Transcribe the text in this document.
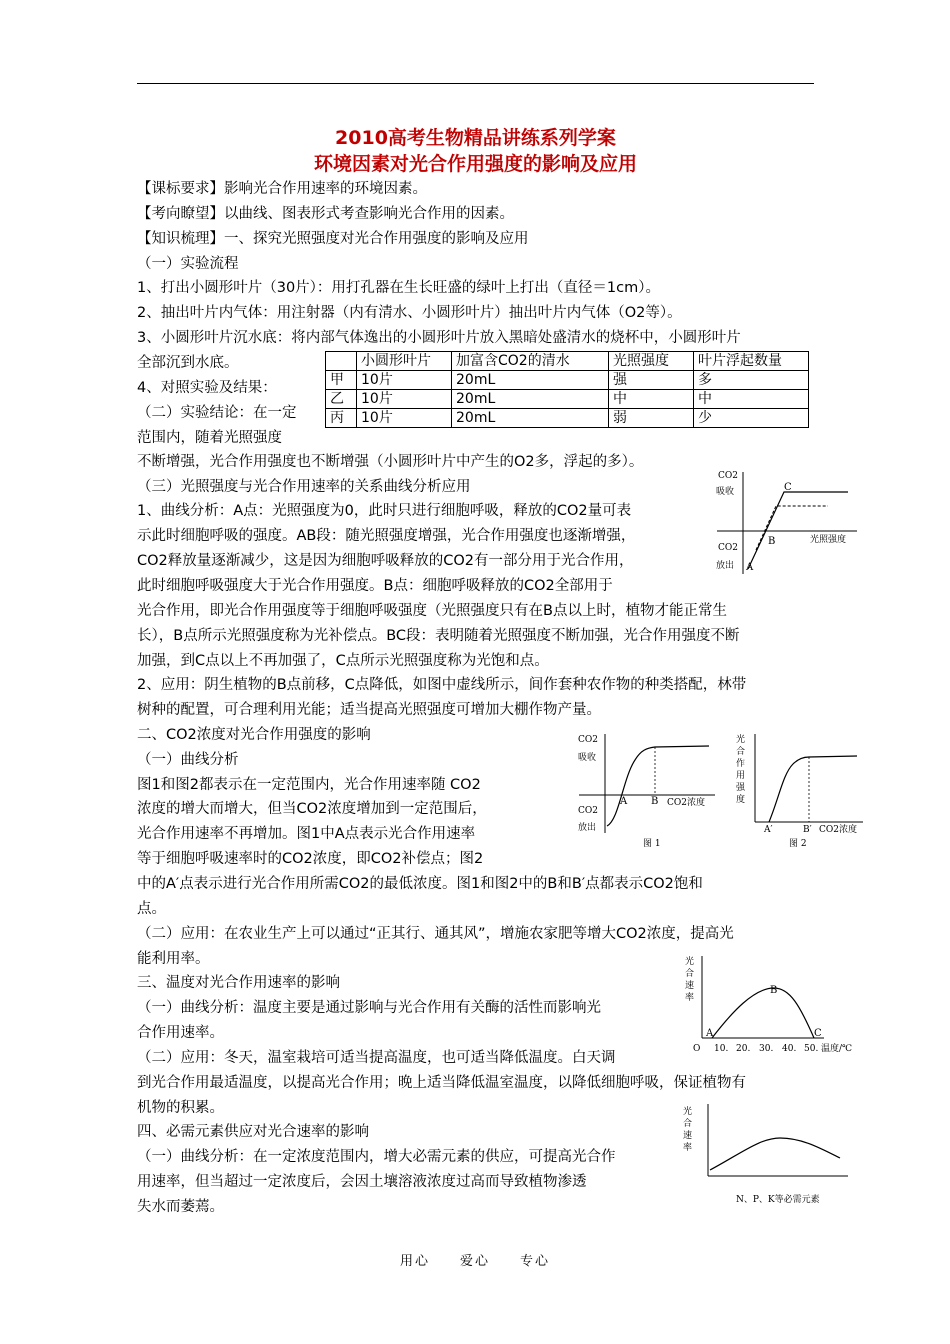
2010高考生物精品讲练系列学案
环境因素对光合作用强度的影响及应用
【课标要求】影响光合作用速率的环境因素。
【考向瞭望】以曲线、图表形式考查影响光合作用的因素。
【知识梳理】一、探究光照强度对光合作用强度的影响及应用
（一）实验流程
1、打出小圆形叶片（30片）：用打孔器在生长旺盛的绿叶上打出（直径＝1cm）。
2、抽出叶片内气体：用注射器（内有清水、小圆形叶片）抽出叶片内气体（O2等）。
3、小圆形叶片沉水底：将内部气体逸出的小圆形叶片放入黑暗处盛清水的烧杯中，小圆形叶片
全部沉到水底。
4、对照实验及结果：
（二）实验结论：在一定
范围内，随着光照强度
	小圆形叶片	加富含CO2的清水	光照强度	叶片浮起数量
甲	10片	20mL	强	多
乙	10片	20mL	中	中
丙	10片	20mL	弱	少
不断增强，光合作用强度也不断增强（小圆形叶片中产生的O2多，浮起的多）。
（三）光照强度与光合作用速率的关系曲线分析应用
1、曲线分析：A点：光照强度为0，此时只进行细胞呼吸，释放的CO2量可表
示此时细胞呼吸的强度。AB段：随光照强度增强，光合作用强度也逐渐增强，
CO2释放量逐渐减少，这是因为细胞呼吸释放的CO2有一部分用于光合作用，
此时细胞呼吸强度大于光合作用强度。B点：细胞呼吸释放的CO2全部用于
光合作用，即光合作用强度等于细胞呼吸强度（光照强度只有在B点以上时，植物才能正常生
长），B点所示光照强度称为光补偿点。BC段：表明随着光照强度不断加强，光合作用强度不断
加强，到C点以上不再加强了，C点所示光照强度称为光饱和点。
2、应用：阴生植物的B点前移，C点降低，如图中虚线所示，间作套种农作物的种类搭配，林带
树种的配置，可合理利用光能；适当提高光照强度可增加大棚作物产量。
二、CO2浓度对光合作用强度的影响
（一）曲线分析
图1和图2都表示在一定范围内，光合作用速率随 CO2
浓度的增大而增大，但当CO2浓度增加到一定范围后，
光合作用速率不再增加。图1中A点表示光合作用速率
等于细胞呼吸速率时的CO2浓度，即CO2补偿点；图2
中的A′点表示进行光合作用所需CO2的最低浓度。图1和图2中的B和B′点都表示CO2饱和
点。
（二）应用：在农业生产上可以通过“正其行、通其风”，增施农家肥等增大CO2浓度，提高光
能利用率。
三、温度对光合作用速率的影响
（一）曲线分析：温度主要是通过影响与光合作用有关酶的活性而影响光
合作用速率。
（二）应用：冬天，温室栽培可适当提高温度，也可适当降低温度。白天调
到光合作用最适温度，以提高光合作用；晚上适当降低温室温度，以降低细胞呼吸，保证植物有
机物的积累。
四、必需元素供应对光合速率的影响
（一）曲线分析：在一定浓度范围内，增大必需元素的供应，可提高光合作
用速率，但当超过一定浓度后，会因土壤溶液浓度过高而导致植物渗透
失水而萎蔫。
CO2
吸收
CO2
放出
光照强度
A
B
C
CO2
吸收
CO2
放出
A B CO2浓度
图 1
光
合
作
用
强
度
A′	B′ CO2浓度
图 2
光
合
速
率
A
B
C
O 10. 20. 30. 40. 50. 温度/℃
光
合
速
率
N、P、K等必需元素
用心　　爱心　　专心
